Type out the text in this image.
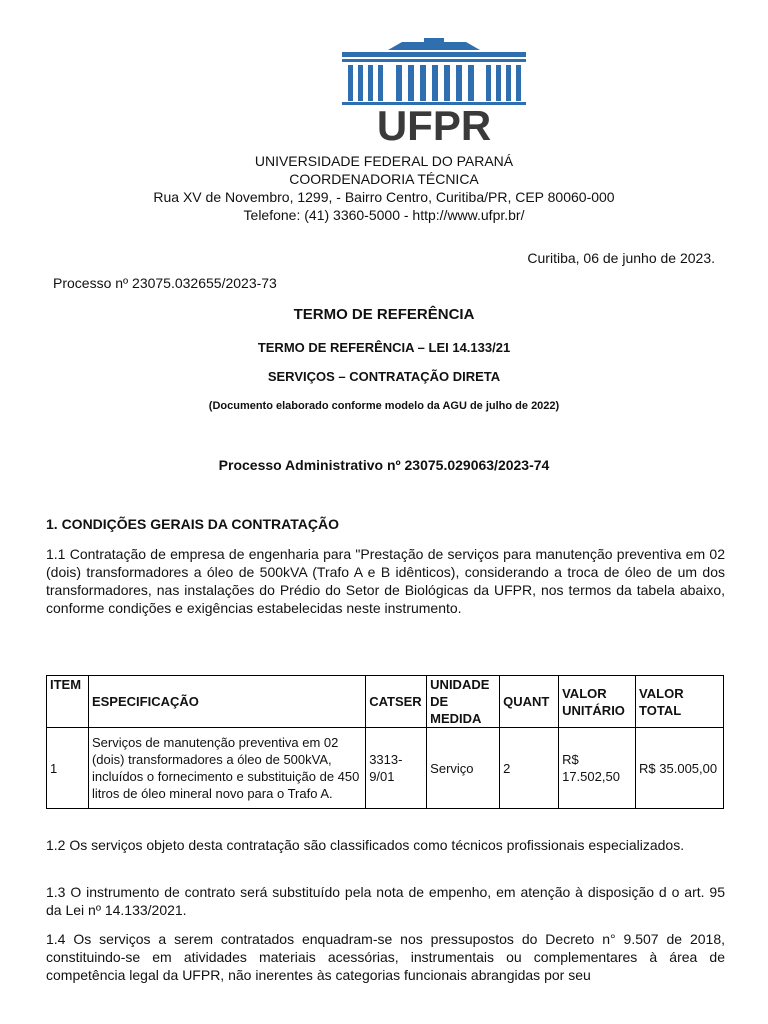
UFPR
UNIVERSIDADE FEDERAL DO PARANÁ
COORDENADORIA TÉCNICA
Rua XV de Novembro, 1299, - Bairro Centro, Curitiba/PR, CEP 80060-000
Telefone: (41) 3360-5000 - http://www.ufpr.br/
Curitiba, 06 de junho de 2023.
Processo nº 23075.032655/2023-73
TERMO DE REFERÊNCIA
TERMO DE REFERÊNCIA – LEI 14.133/21
SERVIÇOS – CONTRATAÇÃO DIRETA
(Documento elaborado conforme modelo da AGU de julho de 2022)
Processo Administrativo nº 23075.029063/2023-74
1. CONDIÇÕES GERAIS DA CONTRATAÇÃO
1.1 Contratação de empresa de engenharia para "Prestação de serviços para manutenção preventiva em 02 (dois) transformadores a óleo de 500kVA (Trafo A e B idênticos), considerando a troca de óleo de um dos transformadores, nas instalações do Prédio do Setor de Biológicas da UFPR, nos termos da tabela abaixo, conforme condições e exigências estabelecidas neste instrumento.
ITEM	ESPECIFICAÇÃO	CATSER	UNIDADE DE MEDIDA	QUANT	VALOR UNITÁRIO	VALOR TOTAL
1	Serviços de manutenção preventiva em 02 (dois) transformadores a óleo de 500kVA, incluídos o fornecimento e substituição de 450 litros de óleo mineral novo para o Trafo A.	3313-9/01	Serviço	2	R$ 17.502,50	R$ 35.005,00
1.2 Os serviços objeto desta contratação são classificados como técnicos profissionais especializados.
1.3 O instrumento de contrato será substituído pela nota de empenho, em atenção à disposição d o art. 95 da Lei nº 14.133/2021.
1.4 Os serviços a serem contratados enquadram-se nos pressupostos do Decreto n° 9.507 de 2018, constituindo-se em atividades materiais acessórias, instrumentais ou complementares à área de competência legal da UFPR, não inerentes às categorias funcionais abrangidas por seu
